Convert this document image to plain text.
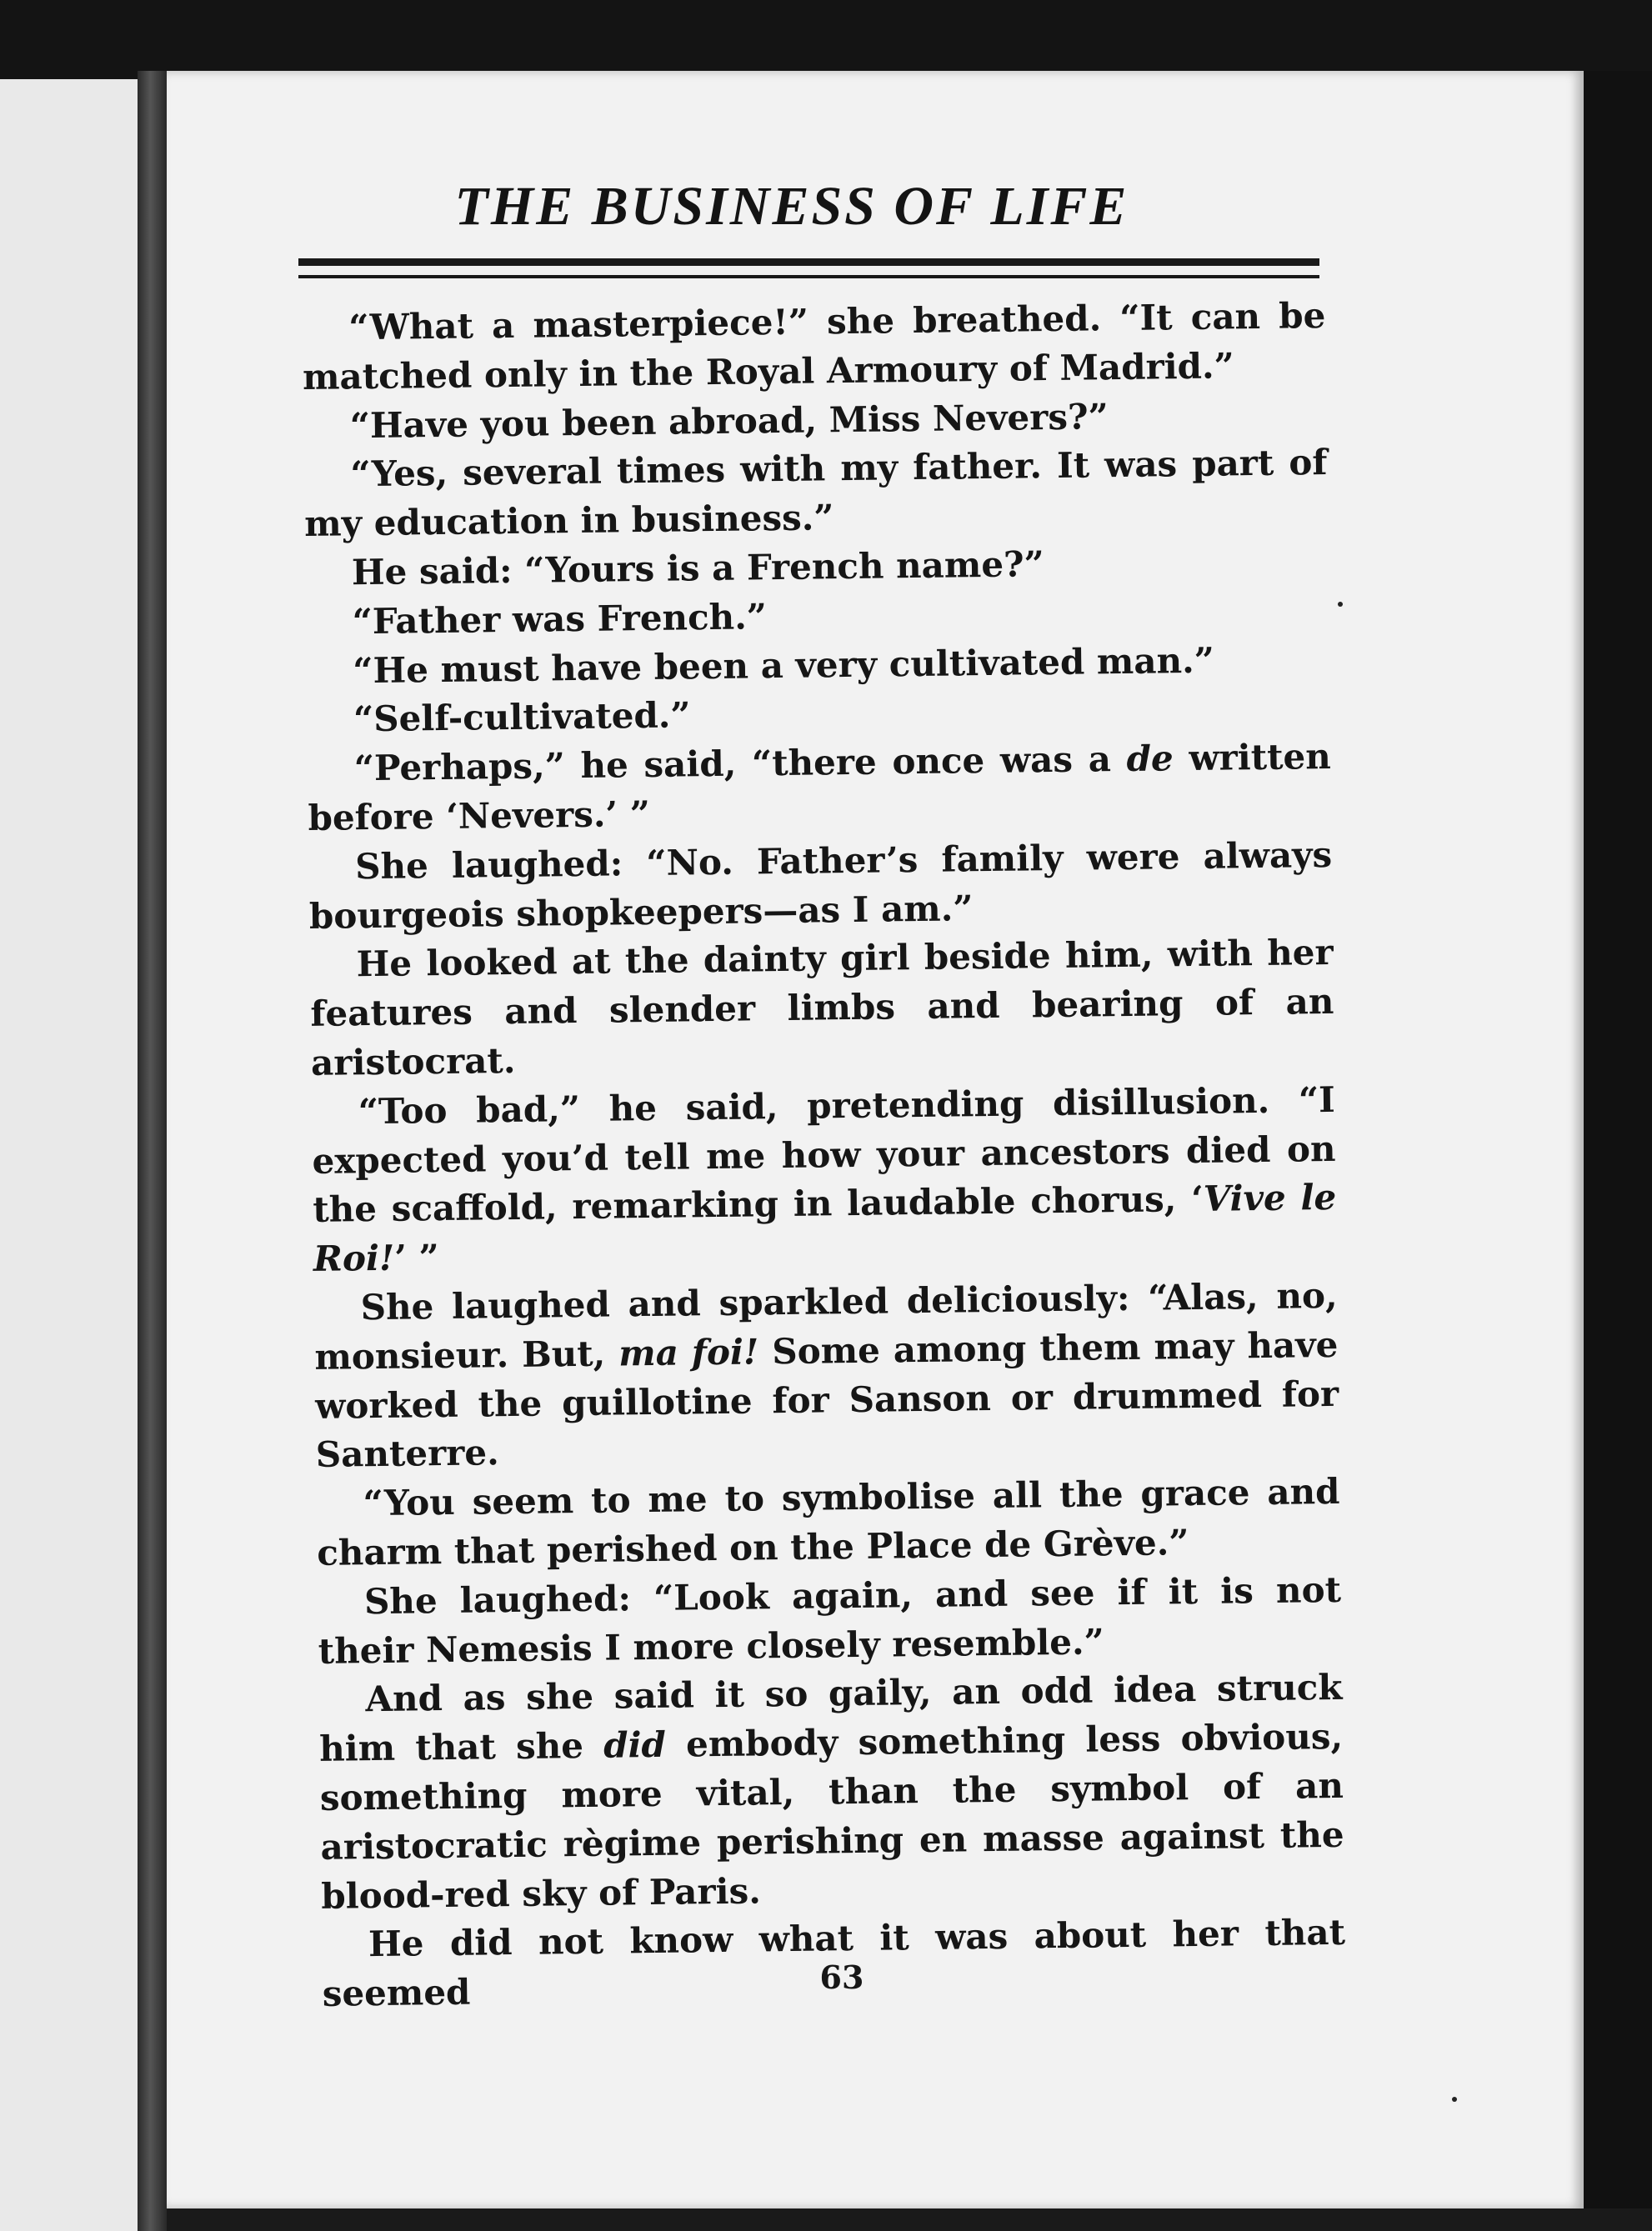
THE BUSINESS OF LIFE

“What a masterpiece!” she breathed. “It can be matched only in the Royal Armoury of Madrid.”

“Have you been abroad, Miss Nevers?”

“Yes, several times with my father. It was part of my education in business.”

He said: “Yours is a French name?”

“Father was French.”

“He must have been a very cultivated man.”

“Self-cultivated.”

“Perhaps,” he said, “there once was a de written before ‘Nevers.’ ”

She laughed: “No. Father’s family were always bourgeois shopkeepers—as I am.”

He looked at the dainty girl beside him, with her features and slender limbs and bearing of an aristocrat.

“Too bad,” he said, pretending disillusion. “I expected you’d tell me how your ancestors died on the scaffold, remarking in laudable chorus, ‘Vive le Roi!’ ”

She laughed and sparkled deliciously: “Alas, no, monsieur. But, ma foi! Some among them may have worked the guillotine for Sanson or drummed for Santerre.

“You seem to me to symbolise all the grace and charm that perished on the Place de Grève.”

She laughed: “Look again, and see if it is not their Nemesis I more closely resemble.”

And as she said it so gaily, an odd idea struck him that she did embody something less obvious, something more vital, than the symbol of an aristocratic règime perishing en masse against the blood-red sky of Paris.

He did not know what it was about her that seemed	63
